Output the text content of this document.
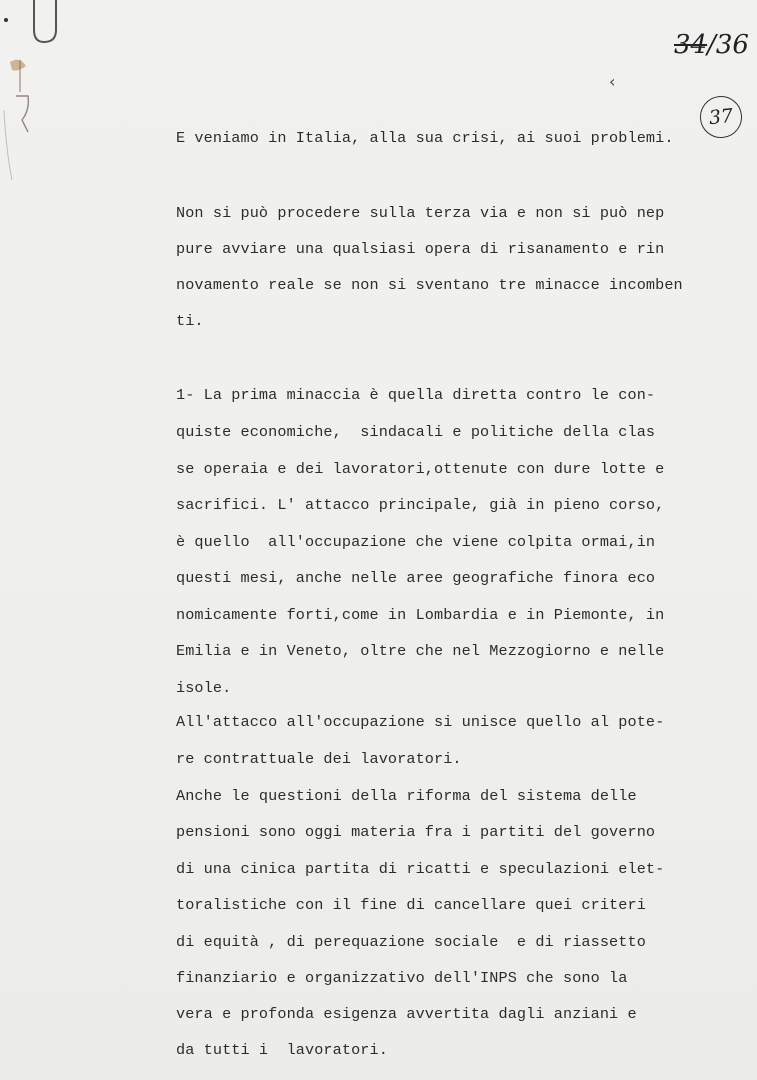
34/36
‹
37
E veniamo in Italia, alla sua crisi, ai suoi problemi.
Non si può procedere sulla terza via e non si può nep
pure avviare una qualsiasi opera di risanamento e rin
novamento reale se non si sventano tre minacce incomben
ti.
1- La prima minaccia è quella diretta contro le con-
quiste economiche,  sindacali e politiche della clas
se operaia e dei lavoratori,ottenute con dure lotte e
sacrifici. L' attacco principale, già in pieno corso,
è quello  all'occupazione che viene colpita ormai,in
questi mesi, anche nelle aree geografiche finora eco
nomicamente forti,come in Lombardia e in Piemonte, in
Emilia e in Veneto, oltre che nel Mezzogiorno e nelle
isole.
All'attacco all'occupazione si unisce quello al pote-
re contrattuale dei lavoratori.
Anche le questioni della riforma del sistema delle
pensioni sono oggi materia fra i partiti del governo
di una cinica partita di ricatti e speculazioni elet-
toralistiche con il fine di cancellare quei criteri
di equità , di perequazione sociale  e di riassetto
finanziario e organizzativo dell'INPS che sono la
vera e profonda esigenza avvertita dagli anziani e
da tutti i  lavoratori.
